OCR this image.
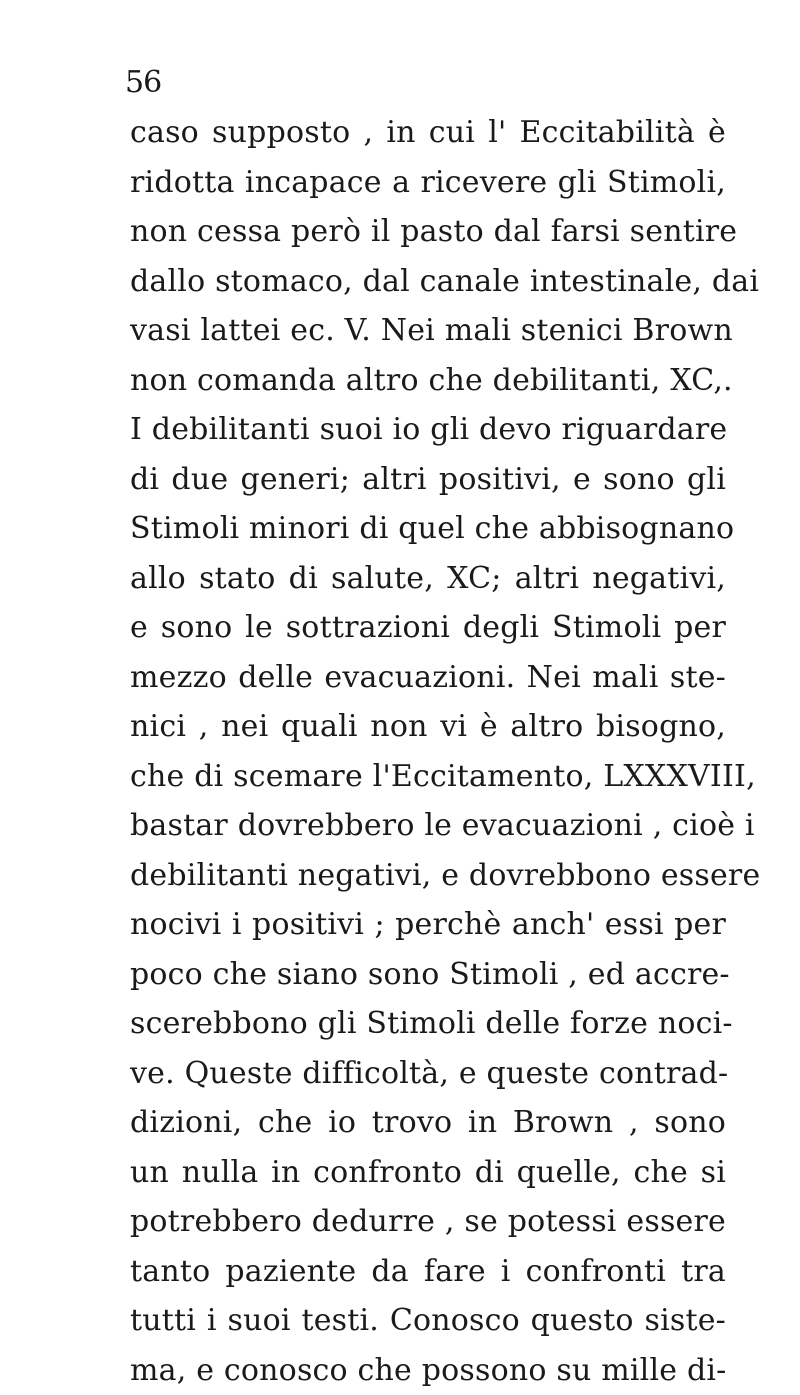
56
caso supposto , in cui l' Eccitabilità è
ridotta incapace a ricevere gli Stimoli,
non cessa però il pasto dal farsi sentire
dallo stomaco, dal canale intestinale, dai
vasi lattei ec. V. Nei mali stenici Brown
non comanda altro che debilitanti, XC,.
I debilitanti suoi io gli devo riguardare
di due generi; altri positivi, e sono gli
Stimoli minori di quel che abbisognano
allo stato di salute, XC; altri negativi,
e sono le sottrazioni degli Stimoli per
mezzo delle evacuazioni. Nei mali ste-
nici , nei quali non vi è altro bisogno,
che di scemare l'Eccitamento, LXXXVIII,
bastar dovrebbero le evacuazioni , cioè i
debilitanti negativi, e dovrebbono essere
nocivi i positivi ; perchè anch' essi per
poco che siano sono Stimoli , ed accre-
scerebbono gli Stimoli delle forze noci-
ve. Queste difficoltà, e queste contrad-
dizioni, che io trovo in Brown , sono
un nulla in confronto di quelle, che si
potrebbero dedurre , se potessi essere
tanto paziente da fare i confronti tra
tutti i suoi testi. Conosco questo siste-
ma, e conosco che possono su mille di-
